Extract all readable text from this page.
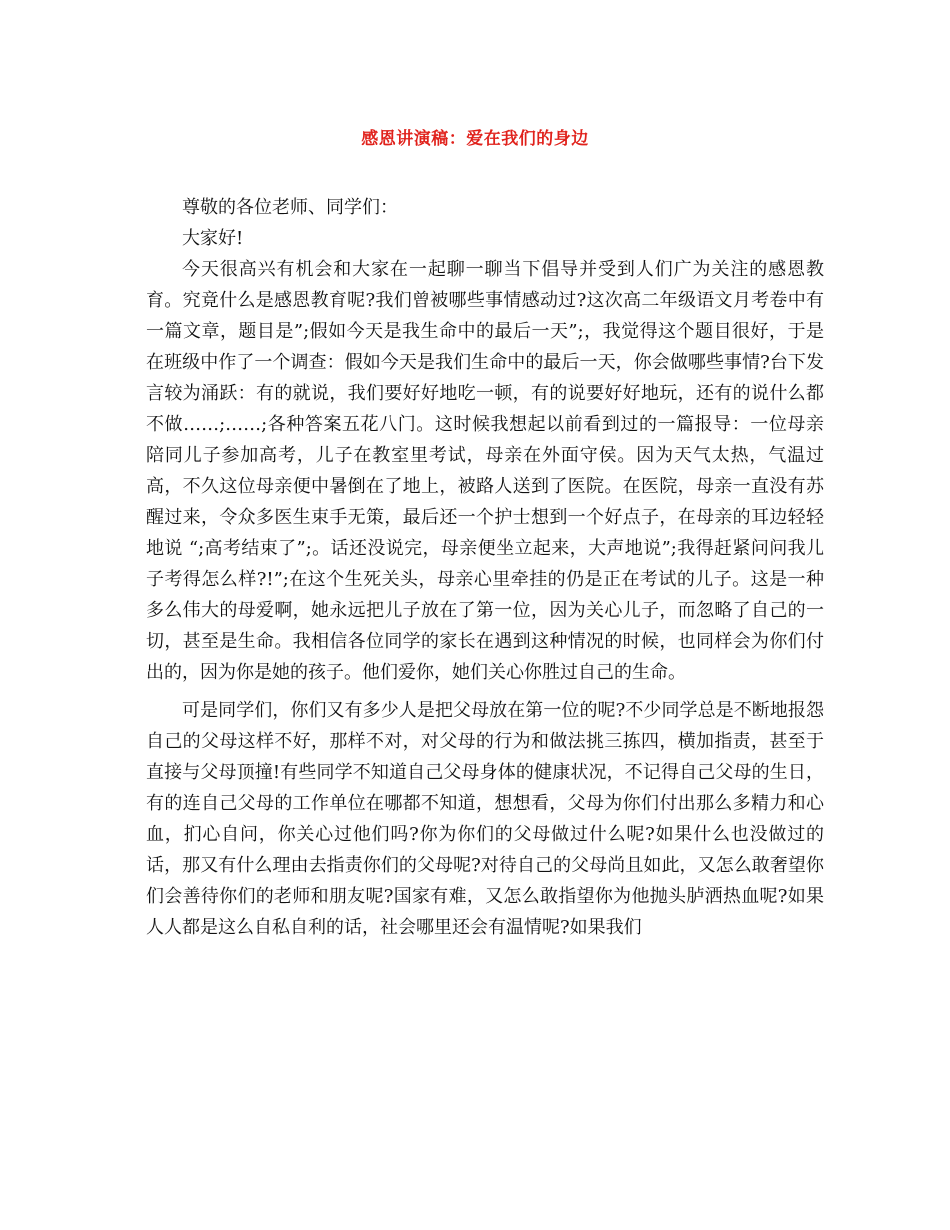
感恩讲演稿：爱在我们的身边

尊敬的各位老师、同学们：

大家好!

今天很高兴有机会和大家在一起聊一聊当下倡导并受到人们广为关注的感恩教育。究竟什么是感恩教育呢?我们曾被哪些事情感动过?这次高二年级语文月考卷中有一篇文章，题目是”;假如今天是我生命中的最后一天”;，我觉得这个题目很好，于是在班级中作了一个调查：假如今天是我们生命中的最后一天，你会做哪些事情?台下发言较为涌跃：有的就说，我们要好好地吃一顿，有的说要好好地玩，还有的说什么都不做……;……;各种答案五花八门。这时候我想起以前看到过的一篇报导：一位母亲陪同儿子参加高考，儿子在教室里考试，母亲在外面守侯。因为天气太热，气温过高，不久这位母亲便中暑倒在了地上，被路人送到了医院。在医院，母亲一直没有苏醒过来，令众多医生束手无策，最后还一个护士想到一个好点子，在母亲的耳边轻轻地说 “;高考结束了”;。话还没说完，母亲便坐立起来，大声地说”;我得赶紧问问我儿子考得怎么样?!”;在这个生死关头，母亲心里牵挂的仍是正在考试的儿子。这是一种多么伟大的母爱啊，她永远把儿子放在了第一位，因为关心儿子，而忽略了自己的一切，甚至是生命。我相信各位同学的家长在遇到这种情况的时候，也同样会为你们付出的，因为你是她的孩子。他们爱你，她们关心你胜过自己的生命。

可是同学们，你们又有多少人是把父母放在第一位的呢?不少同学总是不断地报怨自己的父母这样不好，那样不对，对父母的行为和做法挑三拣四，横加指责，甚至于直接与父母顶撞!有些同学不知道自己父母身体的健康状况，不记得自己父母的生日，有的连自己父母的工作单位在哪都不知道，想想看，父母为你们付出那么多精力和心血，扪心自问，你关心过他们吗?你为你们的父母做过什么呢?如果什么也没做过的话，那又有什么理由去指责你们的父母呢?对待自己的父母尚且如此，又怎么敢奢望你们会善待你们的老师和朋友呢?国家有难，又怎么敢指望你为他抛头胪洒热血呢?如果人人都是这么自私自利的话，社会哪里还会有温情呢?如果我们
